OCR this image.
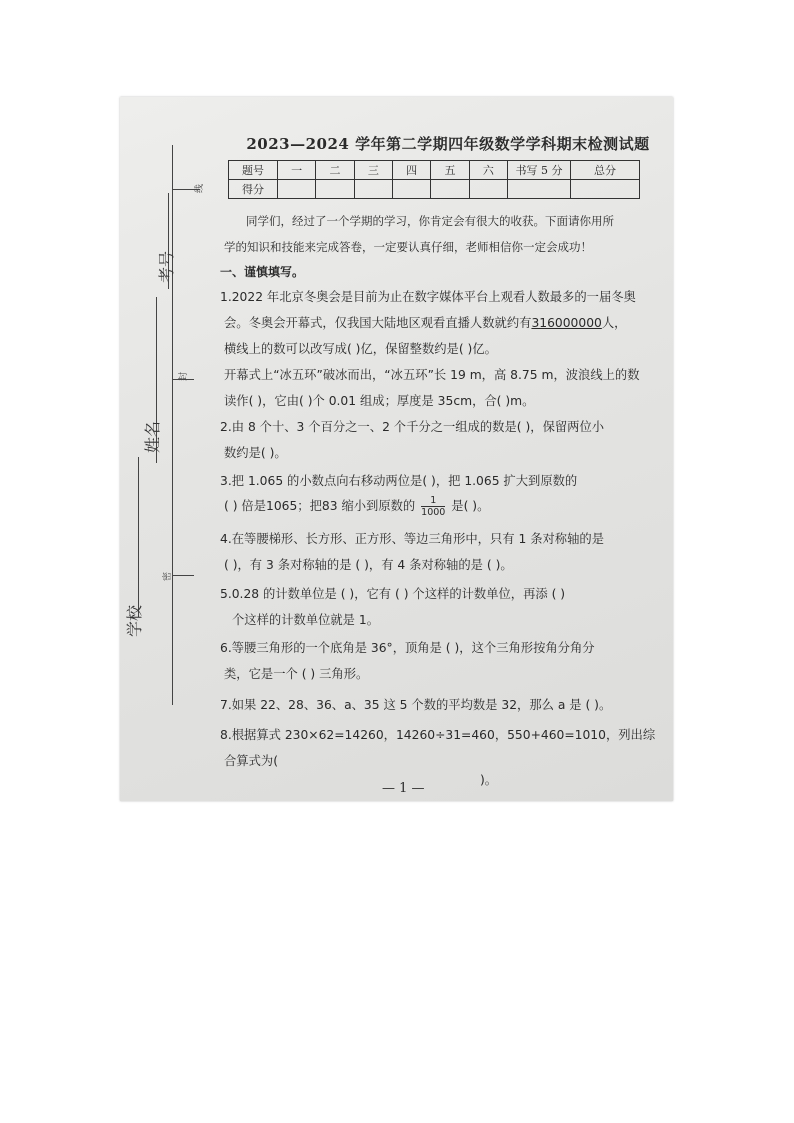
线
封
密
考号
姓名
学校
2023—2024 学年第二学期四年级数学学科期末检测试题
题号	一	二	三	四	五	六	书写 5 分	总分
得分								
同学们，经过了一个学期的学习，你肯定会有很大的收获。下面请你用所
学的知识和技能来完成答卷，一定要认真仔细，老师相信你一定会成功！
一、谨慎填写。
1.2022 年北京冬奥会是目前为止在数字媒体平台上观看人数最多的一届冬奥
会。冬奥会开幕式，仅我国大陆地区观看直播人数就约有316000000人，
横线上的数可以改写成( )亿，保留整数约是( )亿。
开幕式上“冰五环”破冰而出，“冰五环”长 19 m，高 8.75 m，波浪线上的数
读作( )，它由( )个 0.01 组成；厚度是 35cm，合( )m。
2.由 8 个十、3 个百分之一、2 个千分之一组成的数是( )，保留两位小
数约是( )。
3.把 1.065 的小数点向右移动两位是( )，把 1.065 扩大到原数的
( ) 倍是1065；把83 缩小到原数的 $\frac{1}{1000}$ 是( )。
4.在等腰梯形、长方形、正方形、等边三角形中，只有 1 条对称轴的是
( )，有 3 条对称轴的是 ( )，有 4 条对称轴的是 ( )。
5.0.28 的计数单位是 ( )，它有 ( ) 个这样的计数单位，再添 ( )
个这样的计数单位就是 1。
6.等腰三角形的一个底角是 36°，顶角是 ( )，这个三角形按角分角分
类，它是一个 ( ) 三角形。
7.如果 22、28、36、a、35 这 5 个数的平均数是 32，那么 a 是 ( )。
8.根据算式 230×62=14260，14260÷31=460，550+460=1010，列出综
合算式为(
)。
— 1 —
